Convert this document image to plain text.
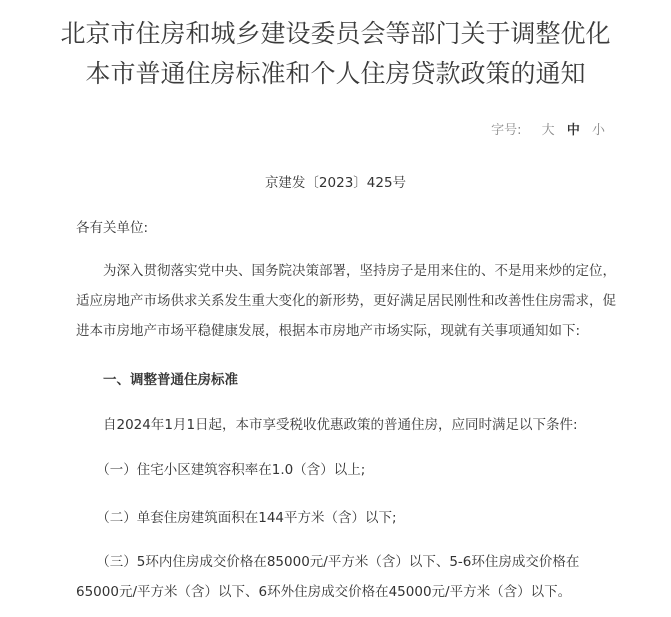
北京市住房和城乡建设委员会等部门关于调整优化
本市普通住房标准和个人住房贷款政策的通知
字号: 大 中 小
京建发〔2023〕425号
各有关单位:
　　为深入贯彻落实党中央、国务院决策部署，坚持房子是用来住的、不是用来炒的定位，
适应房地产市场供求关系发生重大变化的新形势，更好满足居民刚性和改善性住房需求，促
进本市房地产市场平稳健康发展，根据本市房地产市场实际，现就有关事项通知如下:
　　一、调整普通住房标准
　　自2024年1月1日起，本市享受税收优惠政策的普通住房，应同时满足以下条件:
　　（一）住宅小区建筑容积率在1.0（含）以上;
　　（二）单套住房建筑面积在144平方米（含）以下;
　　（三）5环内住房成交价格在85000元/平方米（含）以下、5-6环住房成交价格在
65000元/平方米（含）以下、6环外住房成交价格在45000元/平方米（含）以下。
